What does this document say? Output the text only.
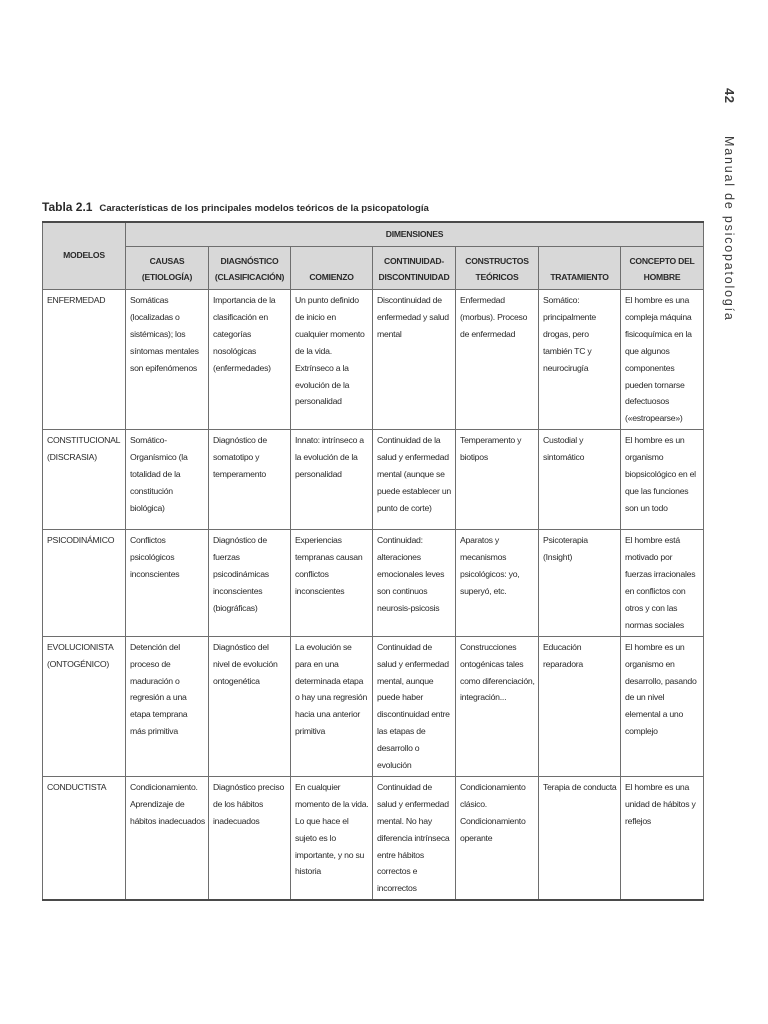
42 Manual de psicopatología
Tabla 2.1 Características de los principales modelos teóricos de la psicopatología
MODELOS	DIMENSIONES						
	CAUSAS (ETIOLOGÍA)	DIAGNÓSTICO (CLASIFICACIÓN)	COMIENZO	CONTINUIDAD-DISCONTINUIDAD	CONSTRUCTOS TEÓRICOS	TRATAMIENTO	CONCEPTO DEL HOMBRE
ENFERMEDAD	Somáticas (localizadas o sistémicas); los síntomas mentales son epifenómenos	Importancia de la clasificación en categorías nosológicas (enfermedades)	Un punto definido de inicio en cualquier momento de la vida. Extrínseco a la evolución de la personalidad	Discontinuidad de enfermedad y salud mental	Enfermedad (morbus). Proceso de enfermedad	Somático: principalmente drogas, pero también TC y neurocirugía	El hombre es una compleja máquina fisicoquímica en la que algunos componentes pueden tornarse defectuosos («estropearse»)
CONSTITUCIONAL (DISCRASIA)	Somático-Organísmico (la totalidad de la constitución biológica)	Diagnóstico de somatotipo y temperamento	Innato: intrínseco a la evolución de la personalidad	Continuidad de la salud y enfermedad mental (aunque se puede establecer un punto de corte)	Temperamento y biotipos	Custodial y sintomático	El hombre es un organismo biopsicológico en el que las funciones son un todo
PSICODINÁMICO	Conflictos psicológicos inconscientes	Diagnóstico de fuerzas psicodinámicas inconscientes (biográficas)	Experiencias tempranas causan conflictos inconscientes	Continuidad: alteraciones emocionales leves son continuos neurosis-psicosis	Aparatos y mecanismos psicológicos: yo, superyó, etc.	Psicoterapia (Insight)	El hombre está motivado por fuerzas irracionales en conflictos con otros y con las normas sociales
EVOLUCIONISTA (ONTOGÉNICO)	Detención del proceso de maduración o regresión a una etapa temprana más primitiva	Diagnóstico del nivel de evolución ontogenética	La evolución se para en una determinada etapa o hay una regresión hacia una anterior primitiva	Continuidad de salud y enfermedad mental, aunque puede haber discontinuidad entre las etapas de desarrollo o evolución	Construcciones ontogénicas tales como diferenciación, integración...	Educación reparadora	El hombre es un organismo en desarrollo, pasando de un nivel elemental a uno complejo
CONDUCTISTA	Condicionamiento. Aprendizaje de hábitos inadecuados	Diagnóstico preciso de los hábitos inadecuados	En cualquier momento de la vida. Lo que hace el sujeto es lo importante, y no su historia	Continuidad de salud y enfermedad mental. No hay diferencia intrínseca entre hábitos correctos e incorrectos	Condicionamiento clásico. Condicionamiento operante	Terapia de conducta	El hombre es una unidad de hábitos y reflejos
